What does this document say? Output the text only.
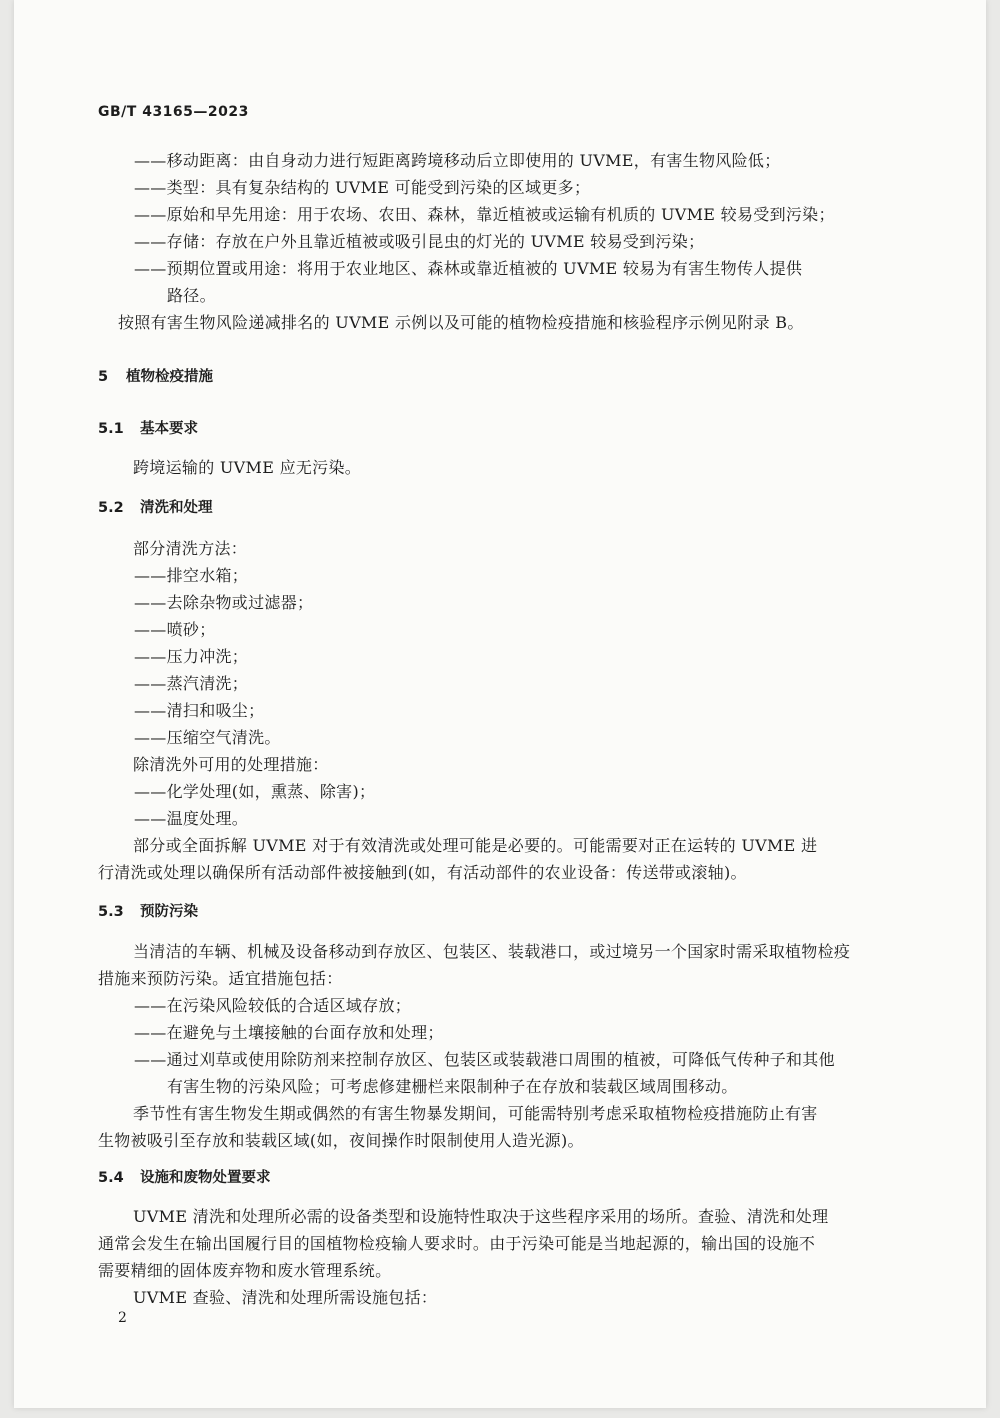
GB/T 43165—2023
——移动距离：由自身动力进行短距离跨境移动后立即使用的 UVME，有害生物风险低；
——类型：具有复杂结构的 UVME 可能受到污染的区域更多；
——原始和早先用途：用于农场、农田、森林，靠近植被或运输有机质的 UVME 较易受到污染；
——存储：存放在户外且靠近植被或吸引昆虫的灯光的 UVME 较易受到污染；
——预期位置或用途：将用于农业地区、森林或靠近植被的 UVME 较易为有害生物传人提供
路径。
按照有害生物风险递减排名的 UVME 示例以及可能的植物检疫措施和核验程序示例见附录 B。
5 植物检疫措施
5.1 基本要求
跨境运输的 UVME 应无污染。
5.2 清洗和处理
部分清洗方法：
——排空水箱；
——去除杂物或过滤器；
——喷砂；
——压力冲洗；
——蒸汽清洗；
——清扫和吸尘；
——压缩空气清洗。
除清洗外可用的处理措施：
——化学处理(如，熏蒸、除害)；
——温度处理。
部分或全面拆解 UVME 对于有效清洗或处理可能是必要的。可能需要对正在运转的 UVME 进
行清洗或处理以确保所有活动部件被接触到(如，有活动部件的农业设备：传送带或滚轴)。
5.3 预防污染
当清洁的车辆、机械及设备移动到存放区、包装区、装载港口，或过境另一个国家时需采取植物检疫
措施来预防污染。适宜措施包括：
——在污染风险较低的合适区域存放；
——在避免与土壤接触的台面存放和处理；
——通过刈草或使用除防剂来控制存放区、包装区或装载港口周围的植被，可降低气传种子和其他
有害生物的污染风险；可考虑修建栅栏来限制种子在存放和装载区域周围移动。
季节性有害生物发生期或偶然的有害生物暴发期间，可能需特别考虑采取植物检疫措施防止有害
生物被吸引至存放和装载区域(如，夜间操作时限制使用人造光源)。
5.4 设施和废物处置要求
UVME 清洗和处理所必需的设备类型和设施特性取决于这些程序采用的场所。查验、清洗和处理
通常会发生在输出国履行目的国植物检疫输人要求时。由于污染可能是当地起源的，输出国的设施不
需要精细的固体废弃物和废水管理系统。
UVME 查验、清洗和处理所需设施包括：
2
